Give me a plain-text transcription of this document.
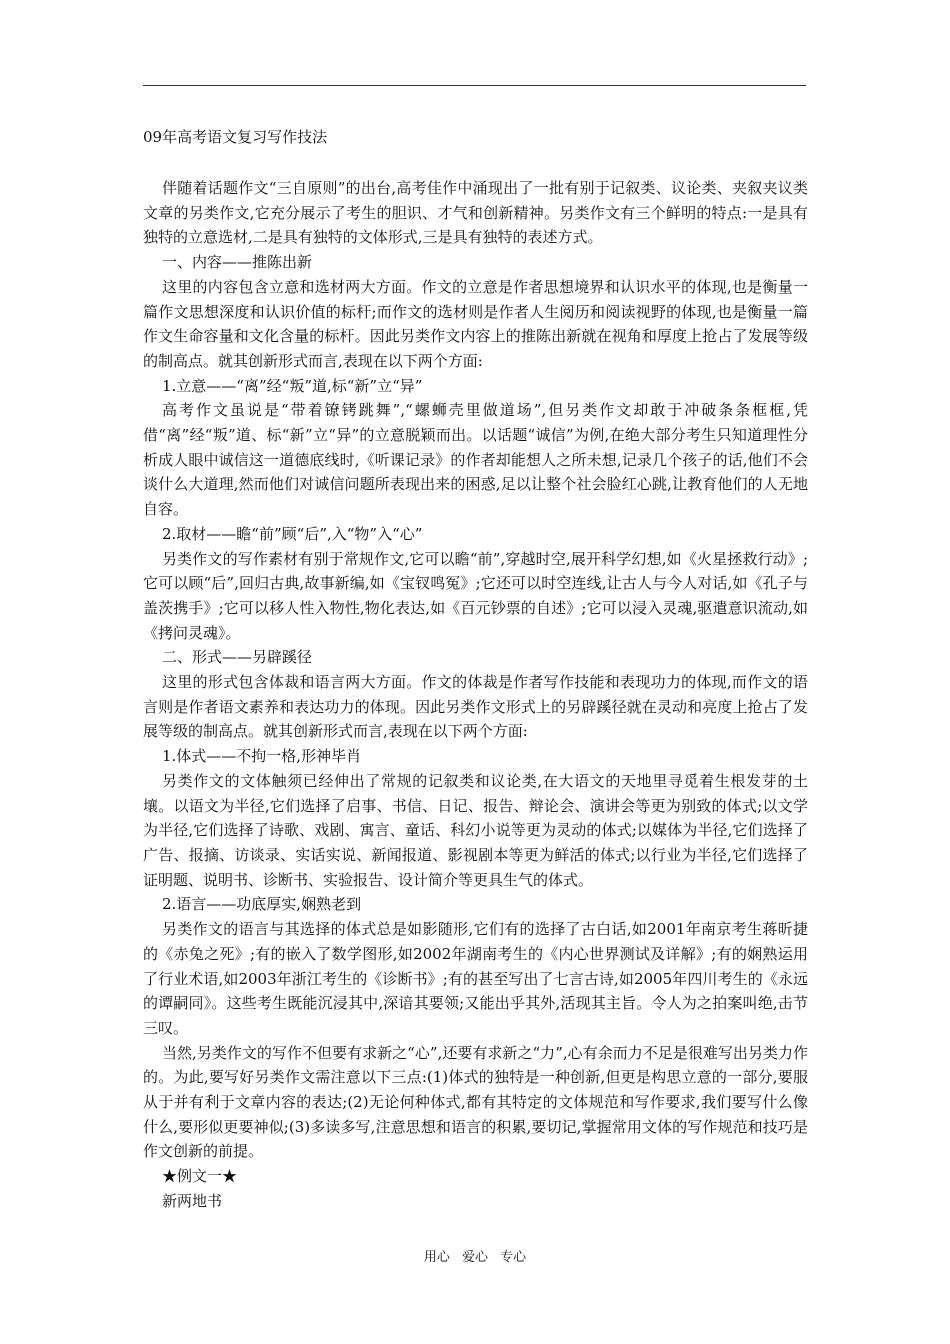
09年高考语文复习写作技法

伴随着话题作文“三自原则”的出台,高考佳作中涌现出了一批有别于记叙类、议论类、夹叙夹议类文章的另类作文,它充分展示了考生的胆识、才气和创新精神。另类作文有三个鲜明的特点:一是具有独特的立意选材,二是具有独特的文体形式,三是具有独特的表述方式。

一、内容——推陈出新

这里的内容包含立意和选材两大方面。作文的立意是作者思想境界和认识水平的体现,也是衡量一篇作文思想深度和认识价值的标杆;而作文的选材则是作者人生阅历和阅读视野的体现,也是衡量一篇作文生命容量和文化含量的标杆。因此另类作文内容上的推陈出新就在视角和厚度上抢占了发展等级的制高点。就其创新形式而言,表现在以下两个方面:

1.立意——“离”经“叛”道,标“新”立“异”

高考作文虽说是“带着镣铐跳舞”,“螺蛳壳里做道场”,但另类作文却敢于冲破条条框框,凭借“离”经“叛”道、标“新”立“异”的立意脱颖而出。以话题“诚信”为例,在绝大部分考生只知道理性分析成人眼中诚信这一道德底线时,《听课记录》的作者却能想人之所未想,记录几个孩子的话,他们不会谈什么大道理,然而他们对诚信问题所表现出来的困惑,足以让整个社会脸红心跳,让教育他们的人无地自容。

2.取材——瞻“前”顾“后”,入“物”入“心”

另类作文的写作素材有别于常规作文,它可以瞻“前”,穿越时空,展开科学幻想,如《火星拯救行动》;它可以顾“后”,回归古典,故事新编,如《宝钗鸣冤》;它还可以时空连线,让古人与今人对话,如《孔子与盖茨携手》;它可以移人性入物性,物化表达,如《百元钞票的自述》;它可以浸入灵魂,驱遣意识流动,如《拷问灵魂》。

二、形式——另辟蹊径

这里的形式包含体裁和语言两大方面。作文的体裁是作者写作技能和表现功力的体现,而作文的语言则是作者语文素养和表达功力的体现。因此另类作文形式上的另辟蹊径就在灵动和亮度上抢占了发展等级的制高点。就其创新形式而言,表现在以下两个方面:

1.体式——不拘一格,形神毕肖

另类作文的文体触须已经伸出了常规的记叙类和议论类,在大语文的天地里寻觅着生根发芽的土壤。以语文为半径,它们选择了启事、书信、日记、报告、辩论会、演讲会等更为别致的体式;以文学为半径,它们选择了诗歌、戏剧、寓言、童话、科幻小说等更为灵动的体式;以媒体为半径,它们选择了广告、报摘、访谈录、实话实说、新闻报道、影视剧本等更为鲜活的体式;以行业为半径,它们选择了证明题、说明书、诊断书、实验报告、设计简介等更具生气的体式。

2.语言——功底厚实,娴熟老到

另类作文的语言与其选择的体式总是如影随形,它们有的选择了古白话,如2001年南京考生蒋昕捷的《赤兔之死》;有的嵌入了数学图形,如2002年湖南考生的《内心世界测试及详解》;有的娴熟运用了行业术语,如2003年浙江考生的《诊断书》;有的甚至写出了七言古诗,如2005年四川考生的《永远的谭嗣同》。这些考生既能沉浸其中,深谙其要领;又能出乎其外,活现其主旨。令人为之拍案叫绝,击节三叹。

当然,另类作文的写作不但要有求新之“心”,还要有求新之“力”,心有余而力不足是很难写出另类力作的。为此,要写好另类作文需注意以下三点:(1)体式的独特是一种创新,但更是构思立意的一部分,要服从于并有利于文章内容的表达;(2)无论何种体式,都有其特定的文体规范和写作要求,我们要写什么像什么,要形似更要神似;(3)多读多写,注意思想和语言的积累,要切记,掌握常用文体的写作规范和技巧是作文创新的前提。

★例文一★

新两地书

用心 爱心 专心
